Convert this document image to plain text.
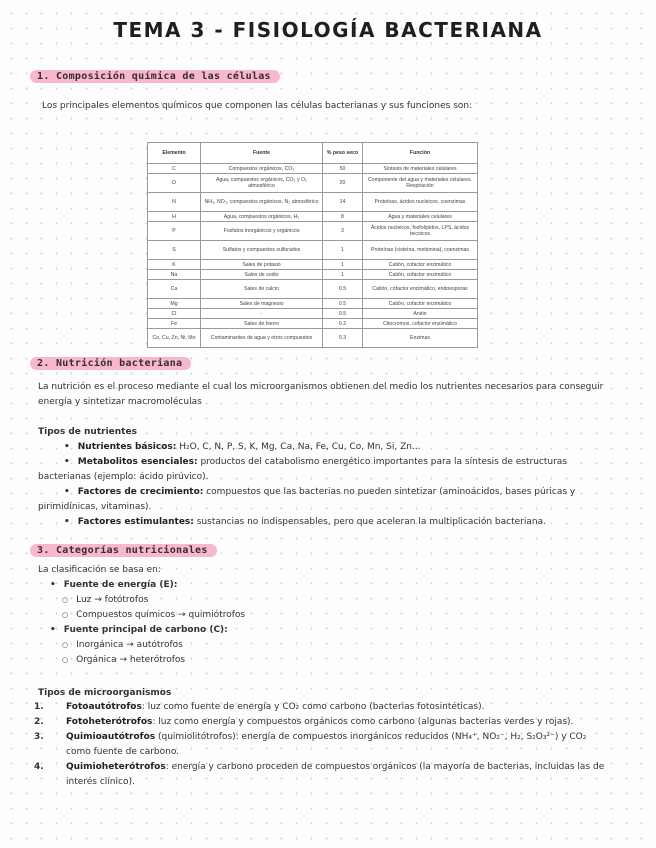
TEMA 3 - FISIOLOGÍA BACTERIANA
1. Composición química de las células

Los principales elementos químicos que componen las células bacterianas y sus funciones son:

Elemento	Fuente	% peso seco	Función
C	Compuestos orgánicos, CO₂	50	Síntesis de materiales celulares
O	Agua, compuestos orgánicos, CO₂ y O₂ atmosférico	20	Componente del agua y materiales celulares. Respiración
N	NH₃, NO₃, compuestos orgánicos, N₂ atmosférico	14	Proteínas, ácidos nucleicos, coenzimas
H	Agua, compuestos orgánicos, H₂	8	Agua y materiales celulares
P	Fosfatos inorgánicos y orgánicos	3	Ácidos nucleicos, fosfolípidos, LPS, ácidos teicoicos
S	Sulfatos y compuestos sulfurados	1	Proteínas (cisteína, metionina), coenzimas
K	Sales de potasio	1	Catión, cofactor enzimático
Na	Sales de sodio	1	Catión, cofactor enzimático
Ca	Sales de calcio	0.5	Catión, cofactor enzimático, endoesporas
Mg	Sales de magnesio	0.5	Catión, cofactor enzimático
Cl	-	0.5	Anión
Fe	Sales de hierro	0.2	Citocromos, cofactor enzimático
Co, Cu, Zn, Ni, Mo	Contaminantes de agua y otros compuestos	0.3	Enzimas
2. Nutrición bacteriana

La nutrición es el proceso mediante el cual los microorganismos obtienen del medio los nutrientes necesarios para conseguir energía y sintetizar macromoléculas

Tipos de nutrientes

• Nutrientes básicos: H₂O, C, N, P, S, K, Mg, Ca, Na, Fe, Cu, Co, Mn, Si, Zn...

• Metabolitos esenciales: productos del catabolismo energético importantes para la síntesis de estructuras bacterianas (ejemplo: ácido pirúvico).

• Factores de crecimiento: compuestos que las bacterias no pueden sintetizar (aminoácidos, bases púricas y pirimidínicas, vitaminas).

• Factores estimulantes: sustancias no indispensables, pero que aceleran la multiplicación bacteriana.

3. Categorías nutricionales

La clasificación se basa en:

• Fuente de energía (E):

○ Luz → fotótrofos

○ Compuestos químicos → quimiótrofos

• Fuente principal de carbono (C):

○ Inorgánica → autótrofos

○ Orgánica → heterótrofos

Tipos de microorganismos

1. Fotoautótrofos: luz como fuente de energía y CO₂ como carbono (bacterias fotosintéticas).

2. Fotoheterótrofos: luz como energía y compuestos orgánicos como carbono (algunas bacterias verdes y rojas).

3. Quimioautótrofos (quimiolitótrofos): energía de compuestos inorgánicos reducidos (NH₄⁺, NO₂⁻, H₂, S₂O₃²⁻) y CO₂ como fuente de carbono.

4. Quimioheterótrofos: energía y carbono proceden de compuestos orgánicos (la mayoría de bacterias, incluidas las de interés clínico).
